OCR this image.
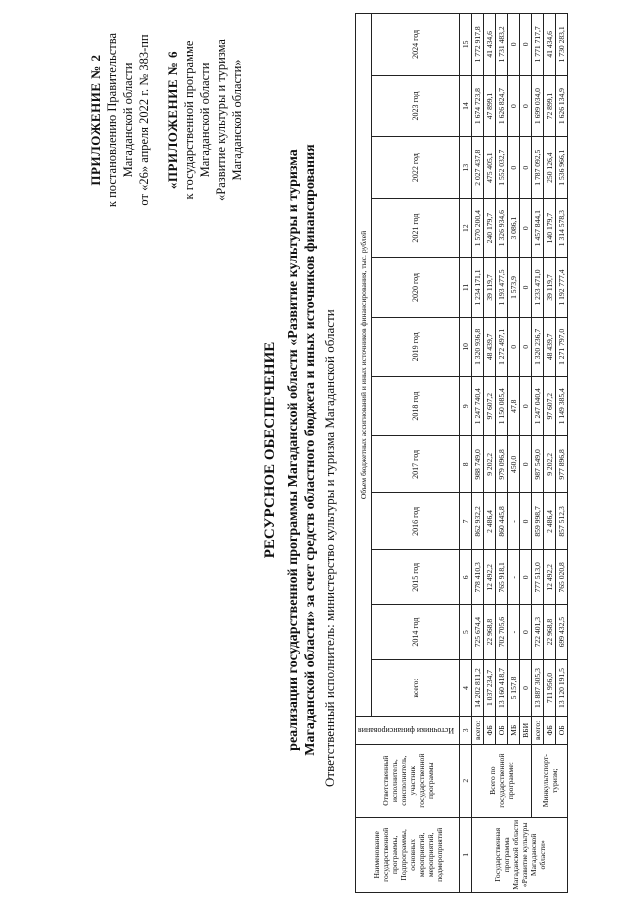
ПРИЛОЖЕНИЕ № 2 к постановлению Правительства Магаданской области от «26» апреля 2022 г. № 383-пп «ПРИЛОЖЕНИЕ № 6 к государственной программе Магаданской области «Развитие культуры и туризма Магаданской области»
РЕСУРСНОЕ ОБЕСПЕЧЕНИЕ реализации государственной программы Магаданской области «Развитие культуры и туризма Магаданской области» за счет средств областного бюджета и иных источников финансирования Ответственный исполнитель: министерство культуры и туризма Магаданской области
Наименование государственной программы, Подпрограммы, основных мероприятий, мероприятий, подмероприятий	Ответственный исполнитель, соисполнитель, участник государственной программы	Источники финансирования	Объем бюджетных ассигнований и иных источников финансирования, тыс. рублей											
			всего:	2014 год	2015 год	2016 год	2017 год	2018 год	2019 год	2020 год	2021 год	2022 год	2023 год	2024 год
1	2	3	4	5	6	7	8	9	10	11	12	13	14	15
Государственная программа Магаданской области «Развитие культуры Магаданской области»	Всего по государственной программе:	всего:	14 202 811,2	725 674,4	778 410,3	862 932,2	988 749,0	1 247 740,4	1 320 936,8	1 234 171,1	1 570 200,4	2 027 437,8	1 674 723,8	1 772 917,8
		ФБ	1 037 234,7	22 968,8	12 492,2	2 486,4	9 202,2	97 607,2	48 439,7	39 119,7	240 179,7	475 405,1	47 899,1	41 434,6
		ОБ	13 160 418,7	702 705,6	765 918,1	860 445,8	979 096,8	1 150 085,4	1 272 497,1	1 193 477,5	1 326 934,6	1 552 032,7	1 626 824,7	1 731 483,2
		МБ	5 157,8	-	-	-	450,0	47,8	0	1 573,9	3 086,1	0	0	0
		ВБИ	0	0	0	0	0	0	0	0	0	0	0	0
	Минкультспорт-туризм;	всего:	13 887 305,3	722 401,3	777 513,0	859 998,7	987 549,0	1 247 040,4	1 320 236,7	1 233 471,0	1 457 844,1	1 787 092,5	1 699 034,0	1 771 717,7
		ФБ	711 956,0	22 968,8	12 492,2	2 486,4	9 202,2	97 607,2	48 439,7	39 119,7	140 179,7	250 126,4	72 899,1	41 434,6
		ОБ	13 120 191,5	699 432,5	765 020,8	857 512,3	977 896,8	1 149 385,4	1 271 797,0	1 192 777,4	1 314 578,3	1 536 966,1	1 626 134,9	1 730 283,1
